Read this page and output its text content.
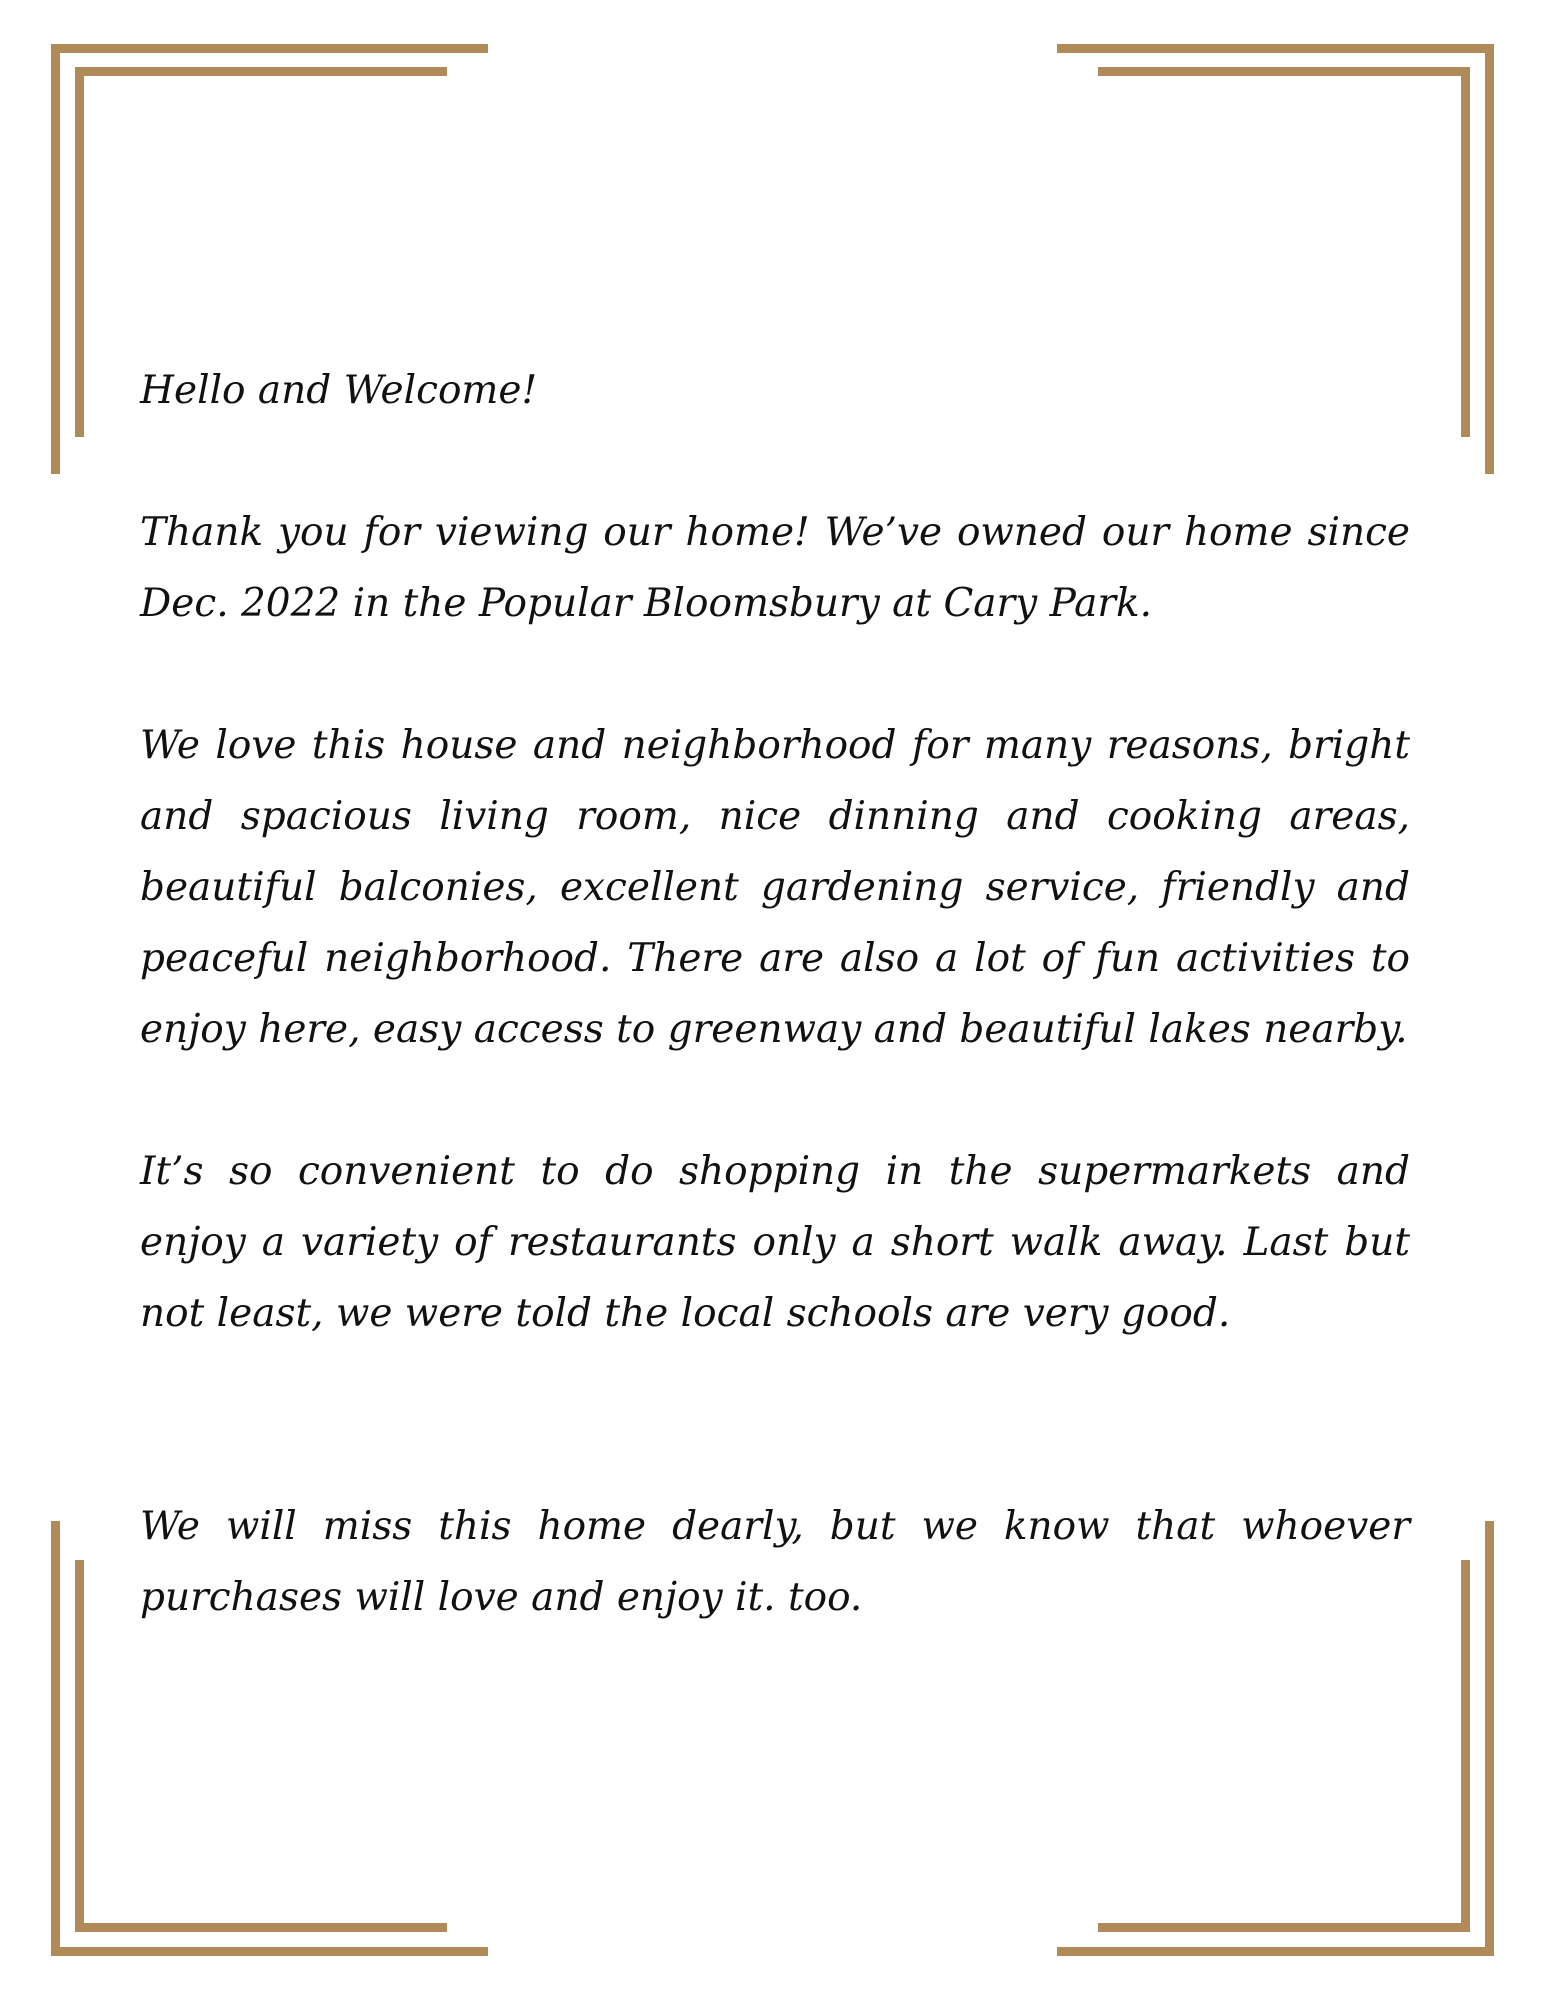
Hello and Welcome!

Thank you for viewing our home! We’ve owned our home since Dec. 2022 in the Popular Bloomsbury at Cary Park.

We love this house and neighborhood for many reasons, bright and spacious living room, nice dinning and cooking areas, beautiful balconies, excellent gardening service, friendly and peaceful neighborhood. There are also a lot of fun activities to enjoy here, easy access to greenway and beautiful lakes nearby.

It’s so convenient to do shopping in the supermarkets and enjoy a variety of restaurants only a short walk away. Last but not least, we were told the local schools are very good.

We will miss this home dearly, but we know that whoever purchases will love and enjoy it. too.
